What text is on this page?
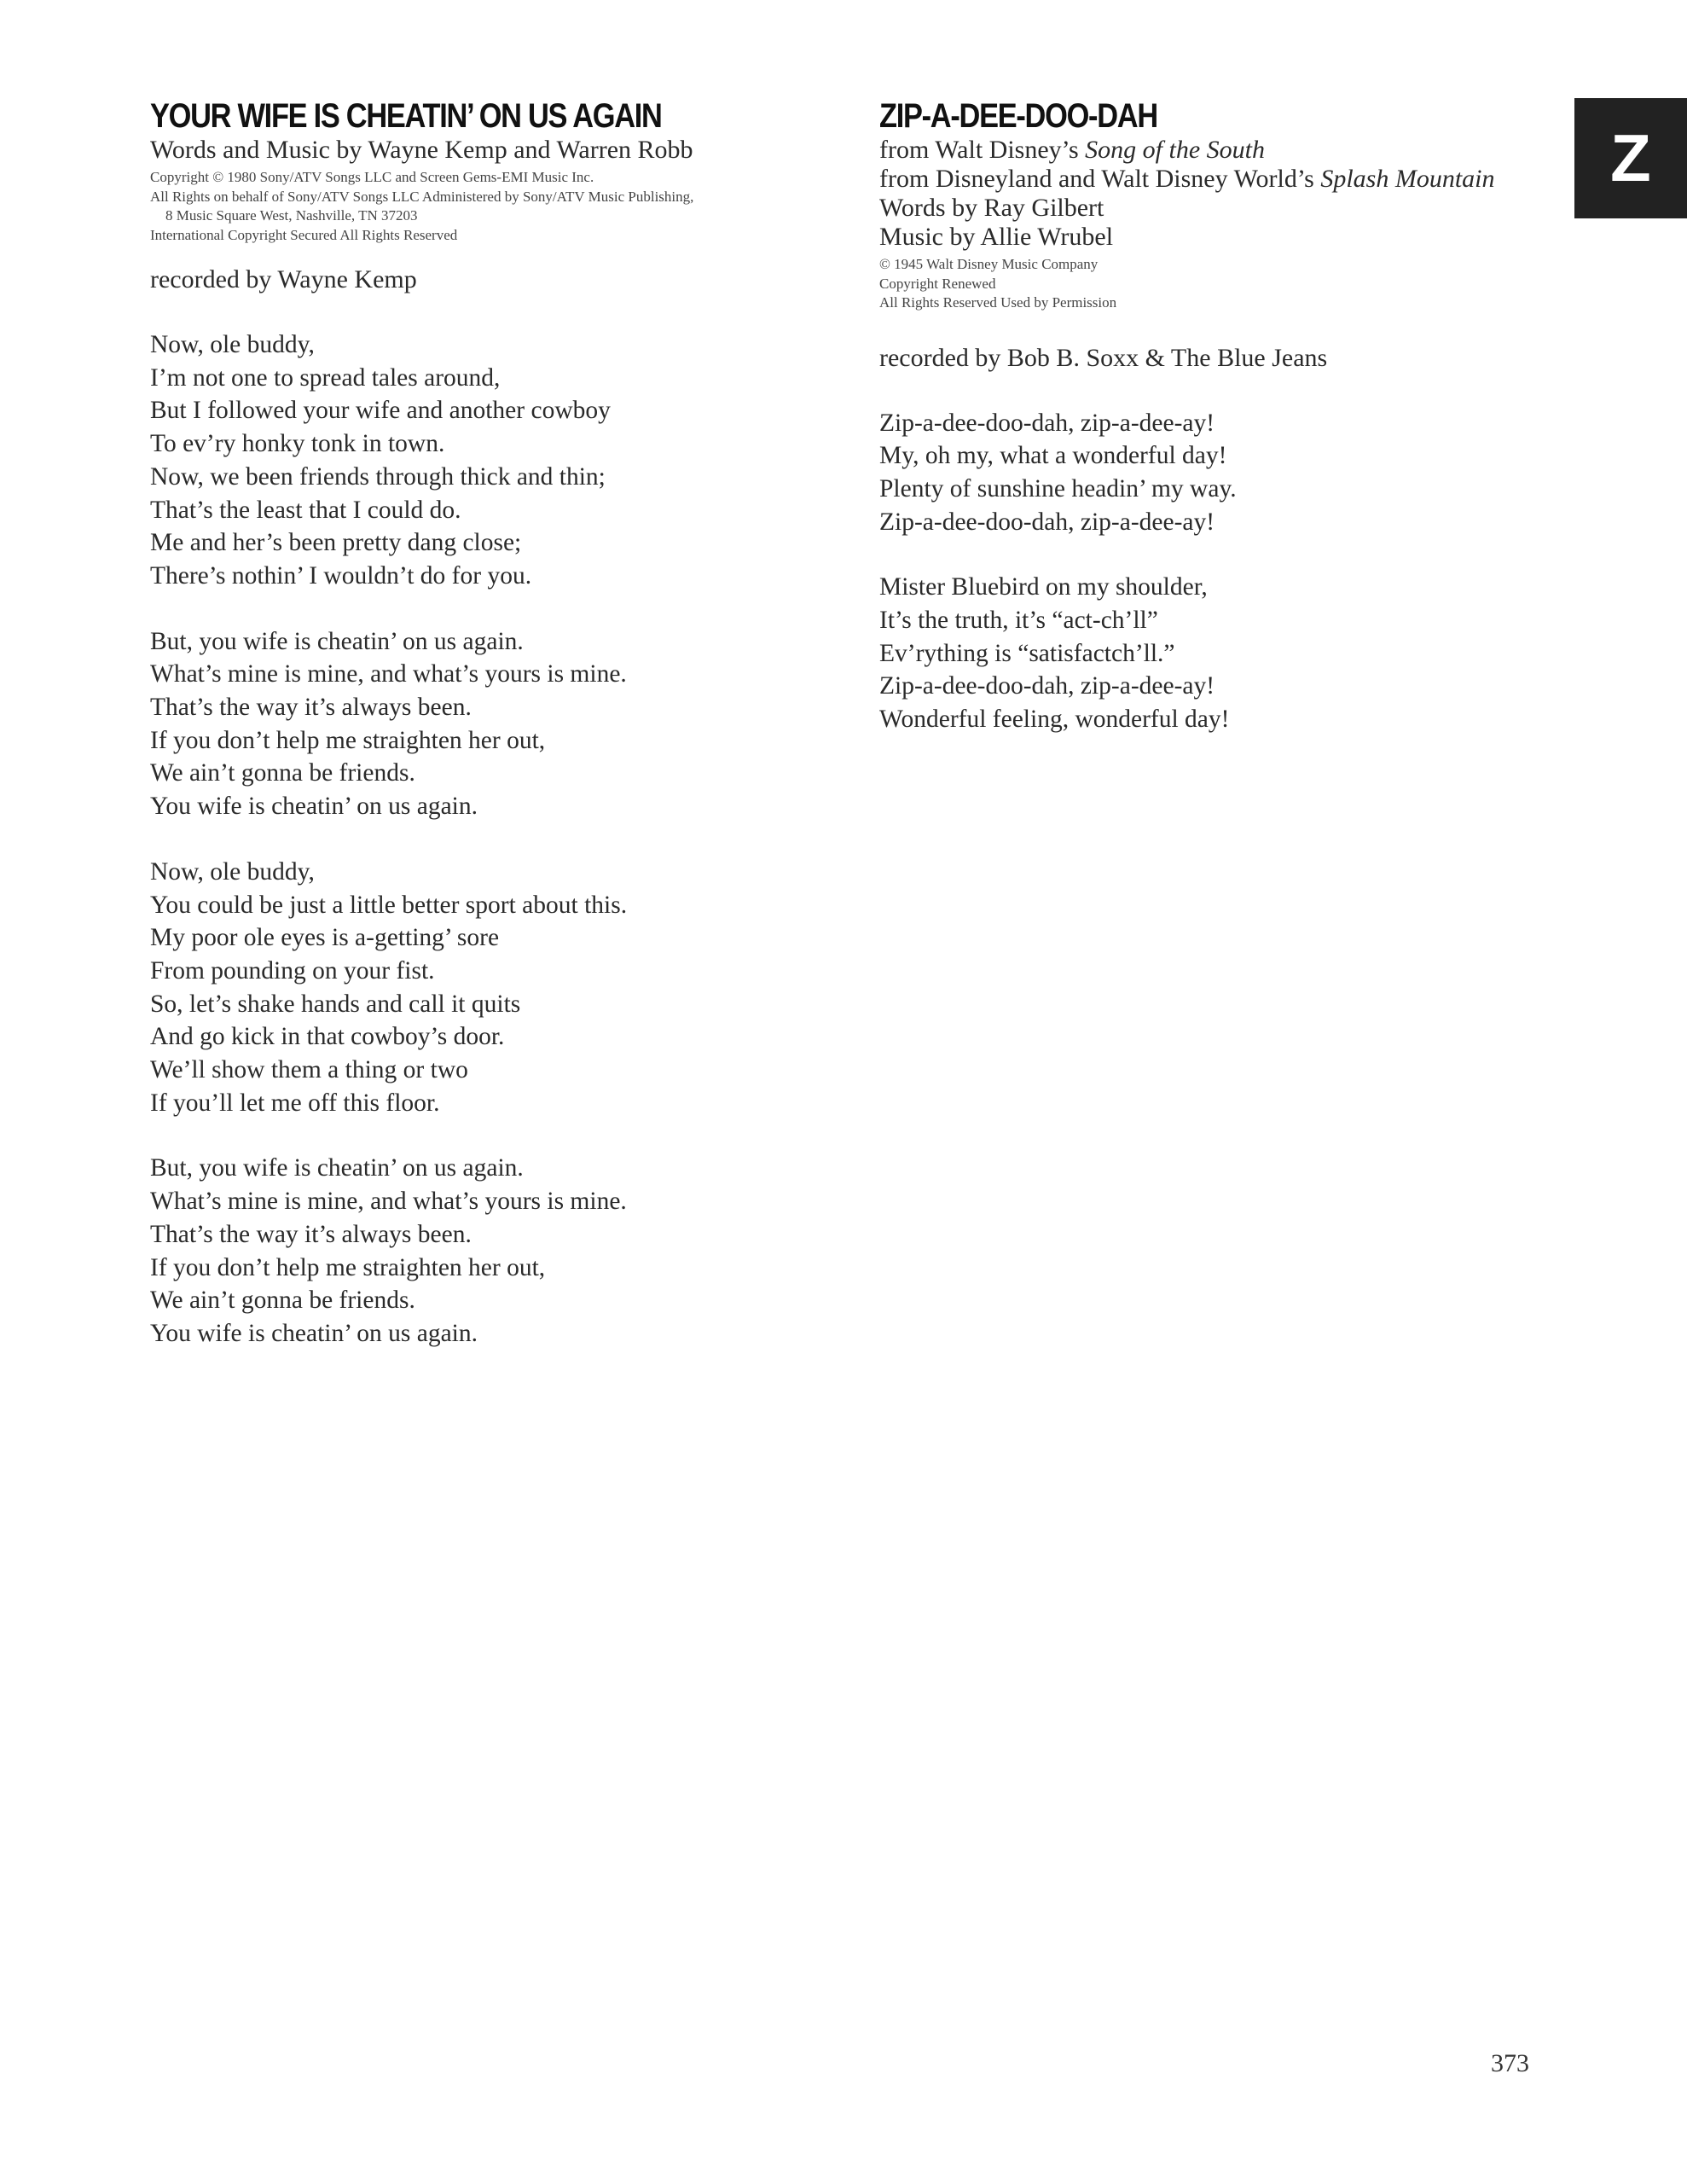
YOUR WIFE IS CHEATIN’ ON US AGAIN
Words and Music by Wayne Kemp and Warren Robb
Copyright © 1980 Sony/ATV Songs LLC and Screen Gems-EMI Music Inc.
All Rights on behalf of Sony/ATV Songs LLC Administered by Sony/ATV Music Publishing,
8 Music Square West, Nashville, TN 37203
International Copyright Secured All Rights Reserved
recorded by Wayne Kemp
Now, ole buddy,
I’m not one to spread tales around,
But I followed your wife and another cowboy
To ev’ry honky tonk in town.
Now, we been friends through thick and thin;
That’s the least that I could do.
Me and her’s been pretty dang close;
There’s nothin’ I wouldn’t do for you.
But, you wife is cheatin’ on us again.
What’s mine is mine, and what’s yours is mine.
That’s the way it’s always been.
If you don’t help me straighten her out,
We ain’t gonna be friends.
You wife is cheatin’ on us again.
Now, ole buddy,
You could be just a little better sport about this.
My poor ole eyes is a-getting’ sore
From pounding on your fist.
So, let’s shake hands and call it quits
And go kick in that cowboy’s door.
We’ll show them a thing or two
If you’ll let me off this floor.
But, you wife is cheatin’ on us again.
What’s mine is mine, and what’s yours is mine.
That’s the way it’s always been.
If you don’t help me straighten her out,
We ain’t gonna be friends.
You wife is cheatin’ on us again.
ZIP-A-DEE-DOO-DAH
from Walt Disney’s Song of the South
from Disneyland and Walt Disney World’s Splash Mountain
Words by Ray Gilbert
Music by Allie Wrubel
© 1945 Walt Disney Music Company
Copyright Renewed
All Rights Reserved Used by Permission
recorded by Bob B. Soxx & The Blue Jeans
Zip-a-dee-doo-dah, zip-a-dee-ay!
My, oh my, what a wonderful day!
Plenty of sunshine headin’ my way.
Zip-a-dee-doo-dah, zip-a-dee-ay!
Mister Bluebird on my shoulder,
It’s the truth, it’s “act-ch’ll”
Ev’rything is “satisfactch’ll.”
Zip-a-dee-doo-dah, zip-a-dee-ay!
Wonderful feeling, wonderful day!
Z
373
